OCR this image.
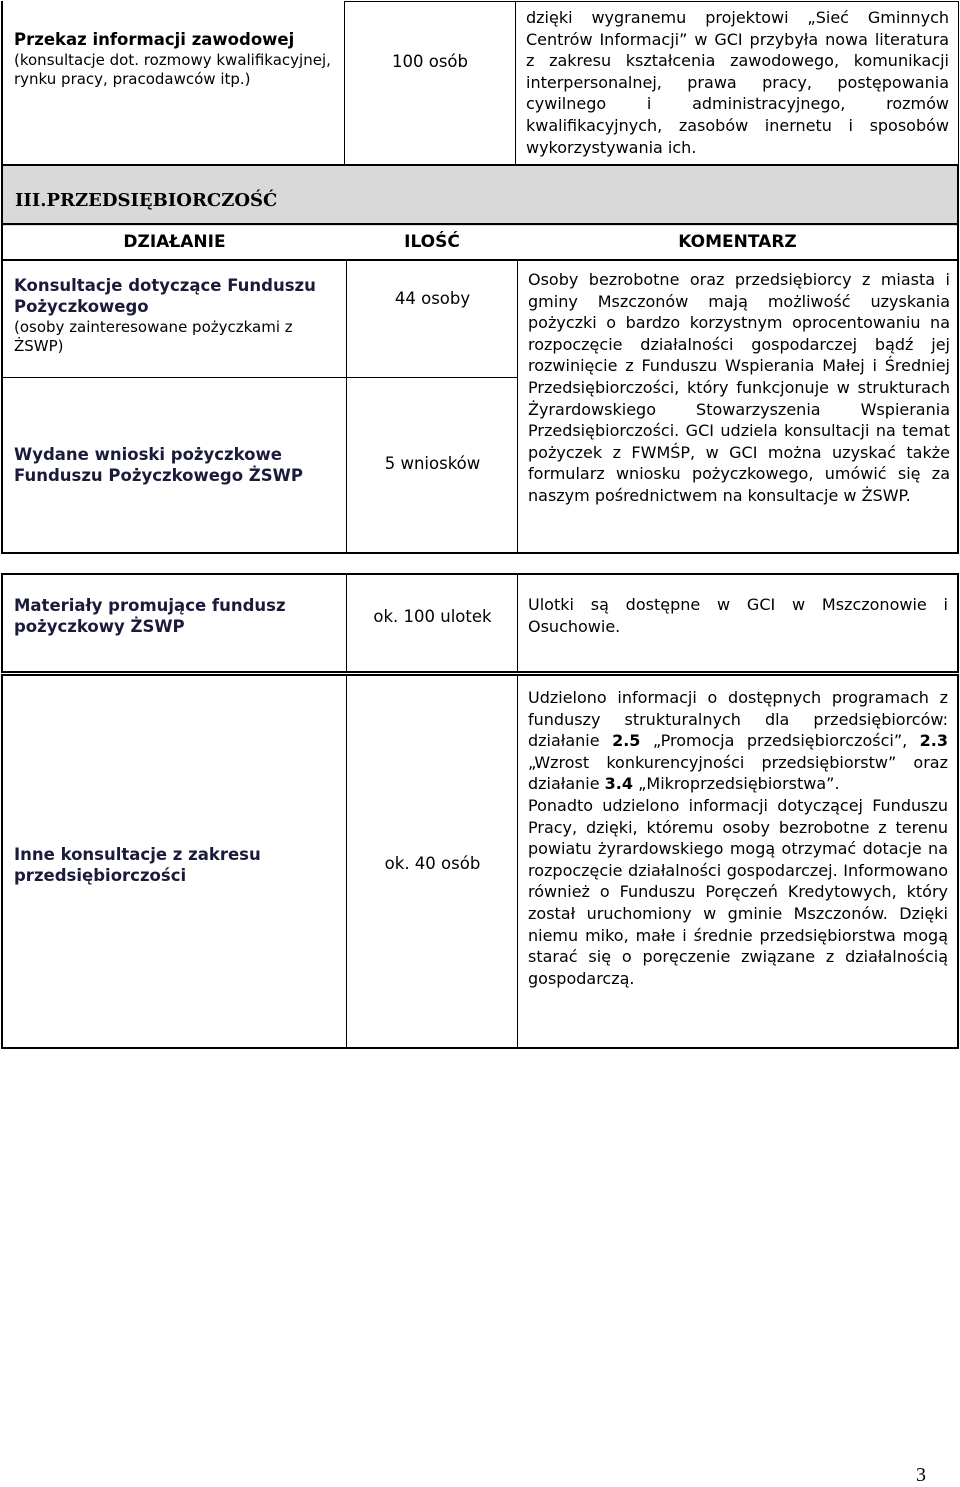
Przekaz informacji zawodowej
(konsultacje dot. rozmowy kwalifikacyjnej, rynku pracy, pracodawców itp.)
100 osób
dzięki wygranemu projektowi „Sieć Gminnych Centrów Informacji” w GCI przybyła nowa literatura z zakresu kształcenia zawodowego, komunikacji interpersonalnej, prawa pracy, postępowania cywilnego i administracyjnego, rozmów kwalifikacyjnych, zasobów inernetu i sposobów wykorzystywania ich.
III.PRZEDSIĘBIORCZOŚĆ
DZIAŁANIE	ILOŚĆ	KOMENTARZ
Konsultacje dotyczące Funduszu Pożyczkowego
(osoby zainteresowane pożyczkami z ŻSWP)
44 osoby
Wydane wnioski pożyczkowe Funduszu Pożyczkowego ŻSWP
5 wniosków
Osoby bezrobotne oraz przedsiębiorcy z miasta i gminy Mszczonów mają możliwość uzyskania pożyczki o bardzo korzystnym oprocentowaniu na rozpoczęcie działalności gospodarczej bądź jej rozwinięcie z Funduszu Wspierania Małej i Średniej Przedsiębiorczości, który funkcjonuje w strukturach Żyrardowskiego Stowarzyszenia Wspierania Przedsiębiorczości. GCI udziela konsultacji na temat pożyczek z FWMŚP, w GCI można uzyskać także formularz wniosku pożyczkowego, umówić się za naszym pośrednictwem na konsultacje w ŻSWP.
Materiały promujące fundusz pożyczkowy ŻSWP
ok. 100 ulotek
Ulotki są dostępne w GCI w Mszczonowie i Osuchowie.
Inne konsultacje z zakresu przedsiębiorczości
ok. 40 osób
Udzielono informacji o dostępnych programach z funduszy strukturalnych dla przedsiębiorców: działanie 2.5 „Promocja przedsiębiorczości”, 2.3 „Wzrost konkurencyjności przedsiębiorstw” oraz działanie 3.4 „Mikroprzedsiębiorstwa”.
Ponadto udzielono informacji dotyczącej Funduszu Pracy, dzięki, któremu osoby bezrobotne z terenu powiatu żyrardowskiego mogą otrzymać dotacje na rozpoczęcie działalności gospodarczej. Informowano również o Funduszu Poręczeń Kredytowych, który został uruchomiony w gminie Mszczonów. Dzięki niemu miko, małe i średnie przedsiębiorstwa mogą starać się o poręczenie związane z działalnością gospodarczą.
3
